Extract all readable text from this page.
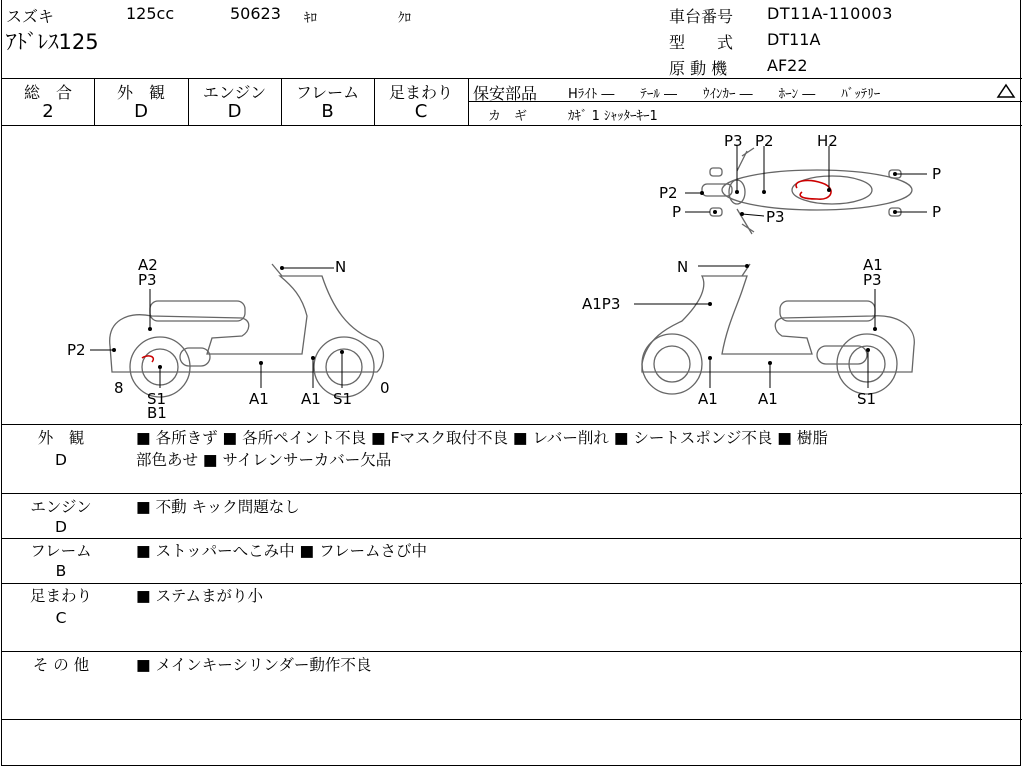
スズキ	125cc	50623 ｷﾛ	ｸﾛ
ｱﾄﾞﾚｽ125
車台番号 DT11A-110003
型　　式 DT11A
原 動 機 AF22
総　合
2
外　観
D
エンジン
D
フレーム
B
足まわり
C
保安部品 Hﾗｲﾄ ―　　ﾃｰﾙ ―　　ｳｲﾝｶｰ ―　　ﾎｰﾝ ―　　ﾊﾞｯﾃﾘｰ
カ　ギ	ｶｷﾞ 1 ｼｬｯﾀｰｷｰ1
P3 P2	H2
P
P2
P	P3	P
A2
P3
N
P2
8
S1
B1
A1 A1 S1
0
N	A1
P3
A1P3
A1	A1	S1
外　観
D
■ 各所きず ■ 各所ペイント不良 ■ Fマスク取付不良 ■ レバー削れ ■ シートスポンジ不良 ■ 樹脂
部色あせ ■ サイレンサーカバー欠品
エンジン
D
■ 不動 キック問題なし
フレーム
B
■ ストッパーへこみ中 ■ フレームさび中
足まわり
C
■ ステムまがり小
そ の 他	■ メインキーシリンダー動作不良
